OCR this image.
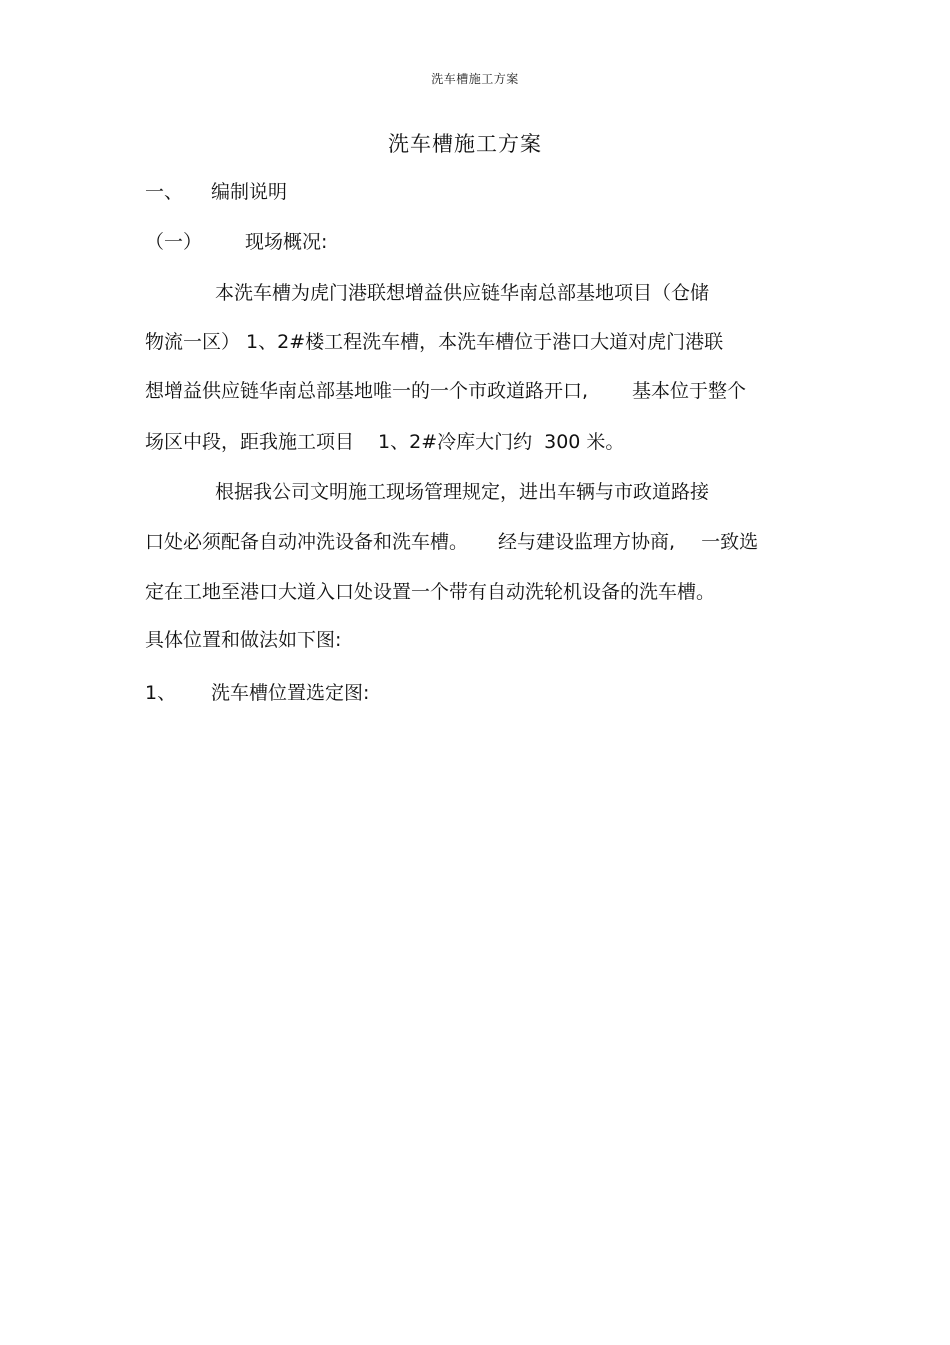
洗车槽施工方案
洗车槽施工方案
一、 编制说明
（一） 现场概况:
本洗车槽为虎门港联想增益供应链华南总部基地项目（仓储
物流一区） 1、2#楼工程洗车槽，本洗车槽位于港口大道对虎门港联
想增益供应链华南总部基地唯一的一个市政道路开口, 基本位于整个
场区中段，距我施工项目 1、2#冷库大门约 300 米。
根据我公司文明施工现场管理规定，进出车辆与市政道路接
口处必须配备自动冲洗设备和洗车槽。 经与建设监理方协商, 一致选
定在工地至港口大道入口处设置一个带有自动洗轮机设备的洗车槽。
具体位置和做法如下图:
1、 洗车槽位置选定图:
